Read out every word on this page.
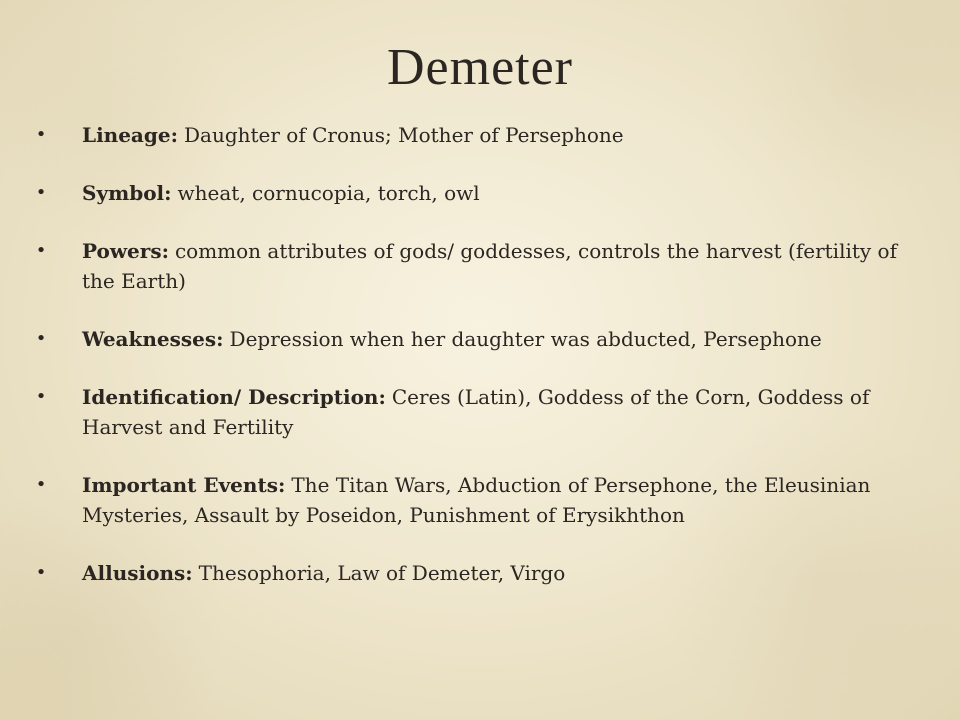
Demeter
• Lineage: Daughter of Cronus; Mother of Persephone
• Symbol: wheat, cornucopia, torch, owl
• Powers: common attributes of gods/ goddesses, controls the harvest (fertility of the Earth)
• Weaknesses: Depression when her daughter was abducted, Persephone
• Identification/ Description: Ceres (Latin), Goddess of the Corn, Goddess of Harvest and Fertility
• Important Events: The Titan Wars, Abduction of Persephone, the Eleusinian Mysteries, Assault by Poseidon, Punishment of Erysikhthon
• Allusions: Thesophoria, Law of Demeter, Virgo
